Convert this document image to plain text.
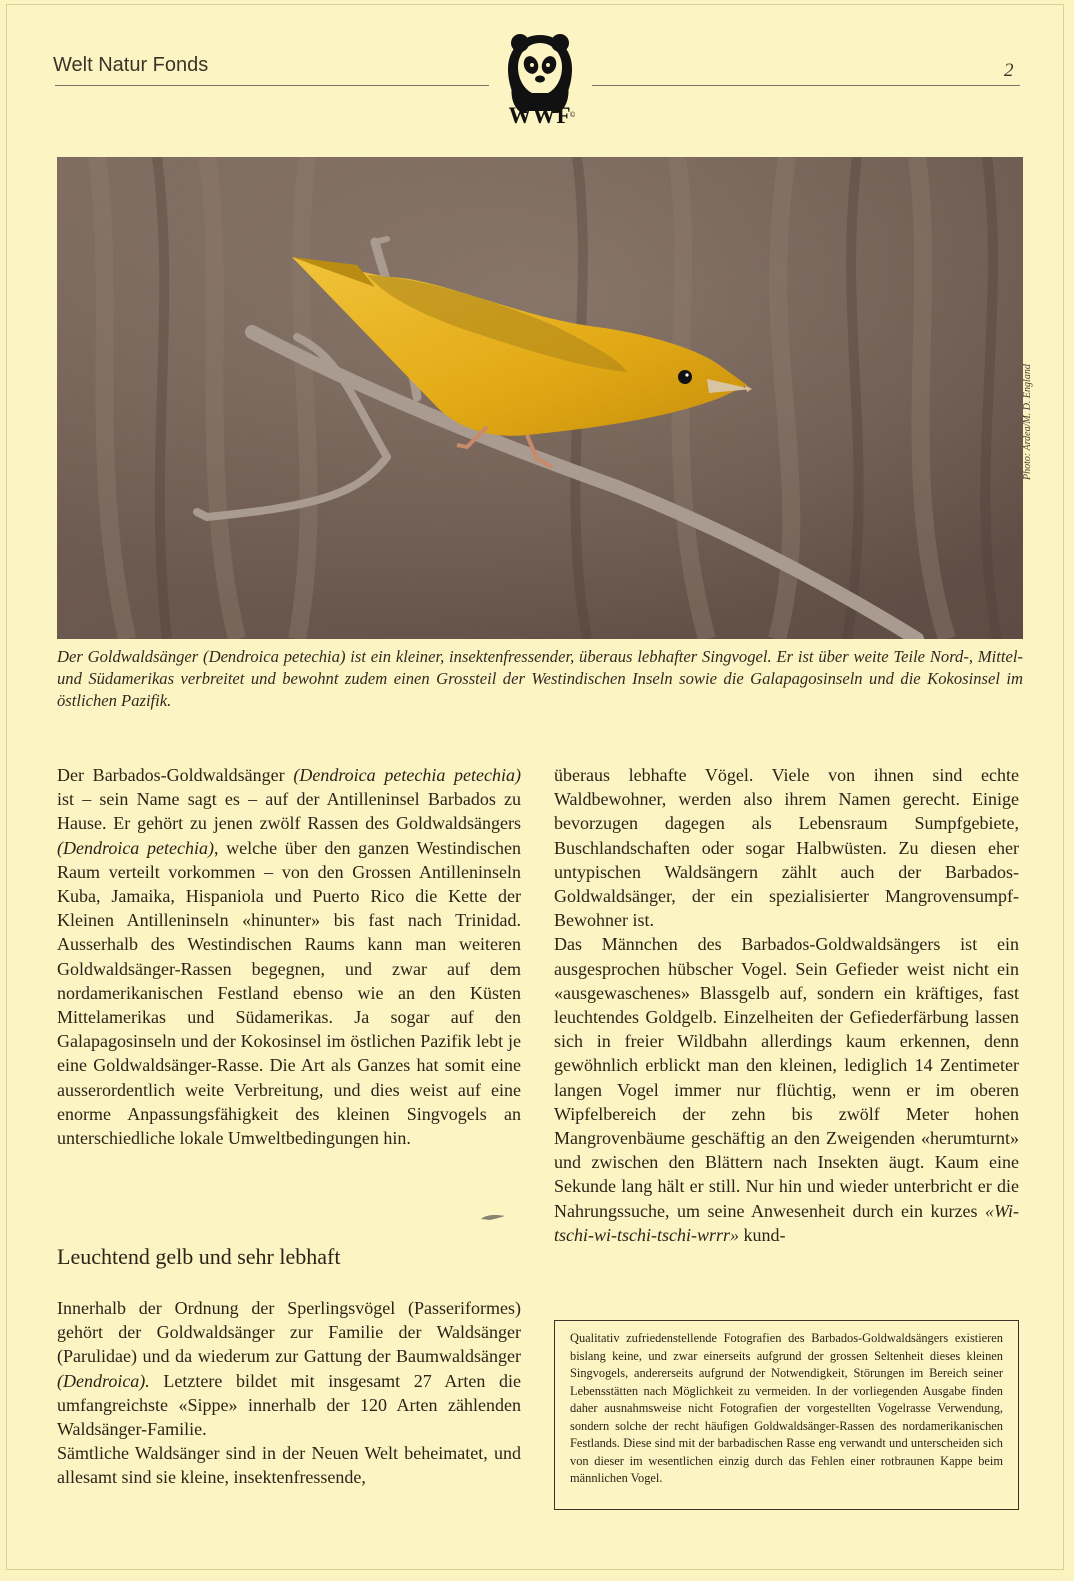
Welt Natur Fonds	2
©
WWF
Photo: Ardea/M. D. England
Der Goldwaldsänger (Dendroica petechia) ist ein kleiner, insektenfressender, überaus lebhafter Singvogel. Er ist über weite Teile Nord-, Mittel- und Südamerikas verbreitet und bewohnt zudem einen Grossteil der Westindischen Inseln sowie die Galapagosinseln und die Kokosinsel im östlichen Pazifik.

Der Barbados-Goldwaldsänger (Dendroica petechia petechia) ist – sein Name sagt es – auf der Antilleninsel Barbados zu Hause. Er gehört zu jenen zwölf Rassen des Goldwaldsängers (Dendroica petechia), welche über den ganzen Westindischen Raum verteilt vorkommen – von den Grossen Antilleninseln Kuba, Jamaika, Hispaniola und Puerto Rico die Kette der Kleinen Antilleninseln «hinunter» bis fast nach Trinidad. Ausserhalb des Westindischen Raums kann man weiteren Goldwaldsänger-Rassen begegnen, und zwar auf dem nordamerikanischen Festland ebenso wie an den Küsten Mittelamerikas und Südamerikas. Ja sogar auf den Galapagosinseln und der Kokosinsel im östlichen Pazifik lebt je eine Goldwaldsänger-Rasse. Die Art als Ganzes hat somit eine ausserordentlich weite Verbreitung, und dies weist auf eine enorme Anpassungsfähigkeit des kleinen Singvogels an unterschiedliche lokale Umweltbedingungen hin.

Leuchtend gelb und sehr lebhaft

Innerhalb der Ordnung der Sperlingsvögel (Passeriformes) gehört der Goldwaldsänger zur Familie der Waldsänger (Parulidae) und da wiederum zur Gattung der Baumwaldsänger (Dendroica). Letztere bildet mit insgesamt 27 Arten die umfangreichste «Sippe» innerhalb der 120 Arten zählenden Waldsänger-Familie.

Sämtliche Waldsänger sind in der Neuen Welt beheimatet, und allesamt sind sie kleine, insektenfressende,

überaus lebhafte Vögel. Viele von ihnen sind echte Waldbewohner, werden also ihrem Namen gerecht. Einige bevorzugen dagegen als Lebensraum Sumpfgebiete, Buschlandschaften oder sogar Halbwüsten. Zu diesen eher untypischen Waldsängern zählt auch der Barbados-Goldwaldsänger, der ein spezialisierter Mangrovensumpf-Bewohner ist.

Das Männchen des Barbados-Goldwaldsängers ist ein ausgesprochen hübscher Vogel. Sein Gefieder weist nicht ein «ausgewaschenes» Blassgelb auf, sondern ein kräftiges, fast leuchtendes Goldgelb. Einzelheiten der Gefiederfärbung lassen sich in freier Wildbahn allerdings kaum erkennen, denn gewöhnlich erblickt man den kleinen, lediglich 14 Zentimeter langen Vogel immer nur flüchtig, wenn er im oberen Wipfelbereich der zehn bis zwölf Meter hohen Mangrovenbäume geschäftig an den Zweigenden «herumturnt» und zwischen den Blättern nach Insekten äugt. Kaum eine Sekunde lang hält er still. Nur hin und wieder unterbricht er die Nahrungssuche, um seine Anwesenheit durch ein kurzes «Wi-tschi-wi-tschi-tschi-wrrr» kund-

Qualitativ zufriedenstellende Fotografien des Barbados-Goldwaldsängers existieren bislang keine, und zwar einerseits aufgrund der grossen Seltenheit dieses kleinen Singvogels, andererseits aufgrund der Notwendigkeit, Störungen im Bereich seiner Lebensstätten nach Möglichkeit zu vermeiden. In der vorliegenden Ausgabe finden daher ausnahmsweise nicht Fotografien der vorgestellten Vogelrasse Verwendung, sondern solche der recht häufigen Goldwaldsänger-Rassen des nordamerikanischen Festlands. Diese sind mit der barbadischen Rasse eng verwandt und unterscheiden sich von dieser im wesentlichen einzig durch das Fehlen einer rotbraunen Kappe beim männlichen Vogel.
